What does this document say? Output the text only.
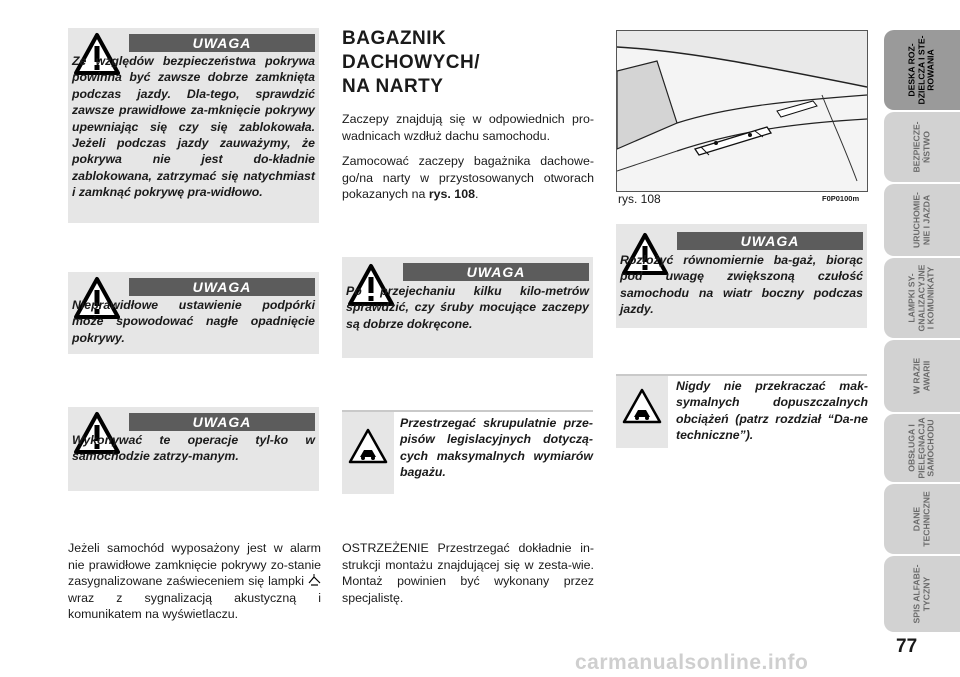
UWAGA
Ze względów bezpieczeństwa pokrywa powinna być zawsze dobrze zamknięta podczas jazdy. Dla-tego, sprawdzić zawsze prawidłowe za-mknięcie pokrywy upewniając się czy się zablokowała. Jeżeli podczas jazdy zauważymy, że pokrywa nie jest do-kładnie zablokowana, zatrzymać się natychmiast i zamknąć pokrywę pra-widłowo.
UWAGA
Nieprawidłowe ustawienie podpórki może spowodować nagłe opadnięcie pokrywy.
UWAGA
Wykonywać te operacje tyl-ko w samochodzie zatrzy-manym.
Jeżeli samochód wyposażony jest w alarm nie prawidłowe zamknięcie pokrywy zo-stanie zasygnalizowane zaświeceniem się lampki  wraz z sygnalizacją akustyczną i komunikatem na wyświetlaczu.
BAGAZNIK
DACHOWYCH/
NA NARTY
Zaczepy znajdują się w odpowiednich pro-wadnicach wzdłuż dachu samochodu.
Zamocować zaczepy bagażnika dachowe-go/na narty w przystosowanych otworach pokazanych na rys. 108.
UWAGA
Po przejechaniu kilku kilo-metrów sprawdzić, czy śruby mocujące zaczepy są dobrze dokręcone.
Przestrzegać skrupulatnie prze-pisów legislacyjnych dotyczą-cych maksymalnych wymiarów bagażu.
OSTRZEŻENIE Przestrzegać dokładnie in-strukcji montażu znajdującej się w zesta-wie. Montaż powinien być wykonany przez specjalistę.
rys. 108	F0P0100m
UWAGA
Rozłożyć równomiernie ba-gaż, biorąc pod uwagę zwiększoną czułość samochodu na wiatr boczny podczas jazdy.
Nigdy nie przekraczać mak-symalnych dopuszczalnych obciążeń (patrz rozdział “Da-ne techniczne”).
DESKA ROZ-
DZIELCZA I STE-
ROWANIA
BEZPIECZE-
ŃSTWO
URUCHOMIE-
NIE I JAZDA
LAMPKI SY-
GNALIZACYJNE
I KOMUNIKATY
W RAZIE
AWARII
OBSŁUGA I
PIELĘGNACJA
SAMOCHODU
DANE
TECHNICZNE
SPIS ALFABE-
TYCZNY
77
carmanualsonline.info
